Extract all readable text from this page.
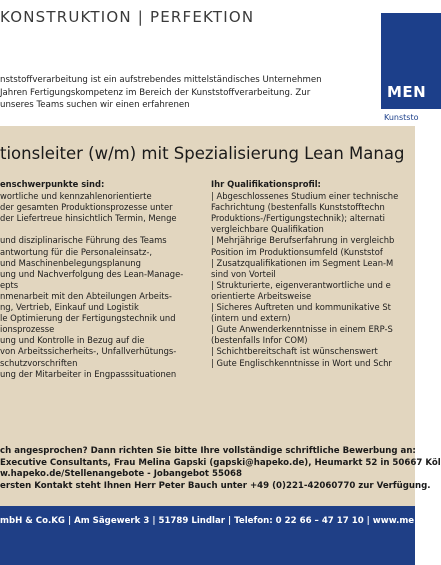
KONSTRUKTION | PERFEKTION
MEN
Kunststo
nststoffverarbeitung ist ein aufstrebendes mittelständisches Unternehmen
Jahren Fertigungskompetenz im Bereich der Kunststoffverarbeitung. Zur
unseres Teams suchen wir einen erfahrenen
tionsleiter (w/m) mit Spezialisierung Lean Manag
enschwerpunkte sind:
wortliche und kennzahlenorientierte
der gesamten Produktionsprozesse unter
der Liefertreue hinsichtlich Termin, Menge

und disziplinarische Führung des Teams
antwortung für die Personaleinsatz-,
und Maschinenbelegungsplanung
ung und Nachverfolgung des Lean-Manage-
epts
nmenarbeit mit den Abteilungen Arbeits-
ng, Vertrieb, Einkauf und Logistik
le Optimierung der Fertigungstechnik und
ionsprozesse
ung und Kontrolle in Bezug auf die
von Arbeitssicherheits-, Unfallverhütungs-
schutzvorschriften
ung der Mitarbeiter in Engpasssituationen
Ihr Qualifikationsprofil:
| Abgeschlossenes Studium einer technische
Fachrichtung (bestenfalls Kunststofftechn
Produktions-/Fertigungstechnik); alternati
vergleichbare Qualifikation
| Mehrjährige Berufserfahrung in vergleichb
Position im Produktionsumfeld (Kunststof
| Zusatzqualifikationen im Segment Lean-M
sind von Vorteil
| Strukturierte, eigenverantwortliche und e
orientierte Arbeitsweise
| Sicheres Auftreten und kommunikative St
(intern und extern)
| Gute Anwenderkenntnisse in einem ERP-S
(bestenfalls Infor COM)
| Schichtbereitschaft ist wünschenswert
| Gute Englischkenntnisse in Wort und Schr
ch angesprochen? Dann richten Sie bitte Ihre vollständige schriftliche Bewerbung an:
Executive Consultants, Frau Melina Gapski (gapski@hapeko.de), Heumarkt 52 in 50667 Köl
w.hapeko.de/Stellenangebote - Jobangebot 55068
ersten Kontakt steht Ihnen Herr Peter Bauch unter +49 (0)221-42060770 zur Verfügung.
mbH & Co.KG | Am Sägewerk 3 | 51789 Lindlar | Telefon: 0 22 66 – 47 17 10 | www.me
